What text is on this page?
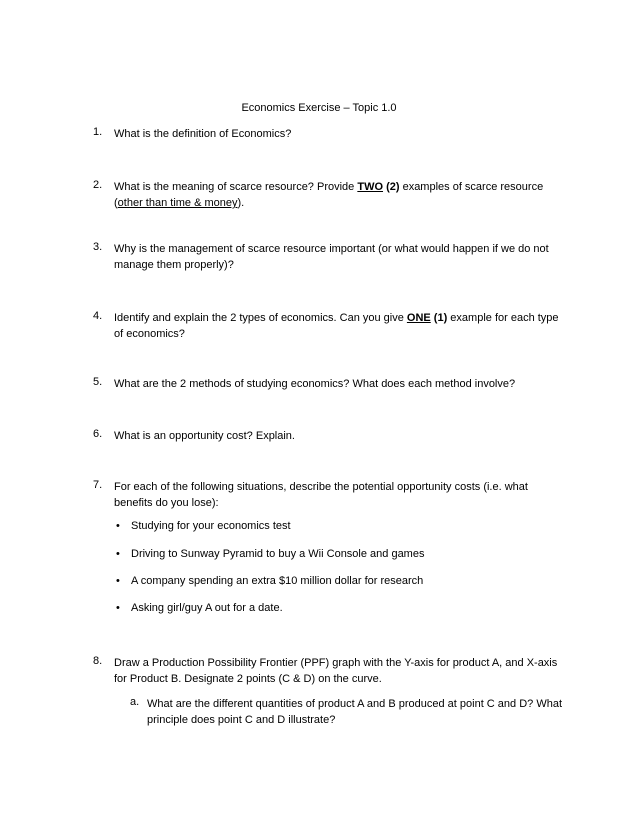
Economics Exercise – Topic 1.0
1.	What is the definition of Economics?
2.	What is the meaning of scarce resource? Provide TWO (2) examples of scarce resource (other than time & money).
3.	Why is the management of scarce resource important (or what would happen if we do not manage them properly)?
4.	Identify and explain the 2 types of economics. Can you give ONE (1) example for each type of economics?
5.	What are the 2 methods of studying economics? What does each method involve?
6.	What is an opportunity cost? Explain.
7.	For each of the following situations, describe the potential opportunity costs (i.e. what benefits do you lose):
• Studying for your economics test
• Driving to Sunway Pyramid to buy a Wii Console and games
• A company spending an extra $10 million dollar for research
• Asking girl/guy A out for a date.
8.	Draw a Production Possibility Frontier (PPF) graph with the Y-axis for product A, and X-axis for Product B. Designate 2 points (C & D) on the curve.
a. What are the different quantities of product A and B produced at point C and D? What principle does point C and D illustrate?
